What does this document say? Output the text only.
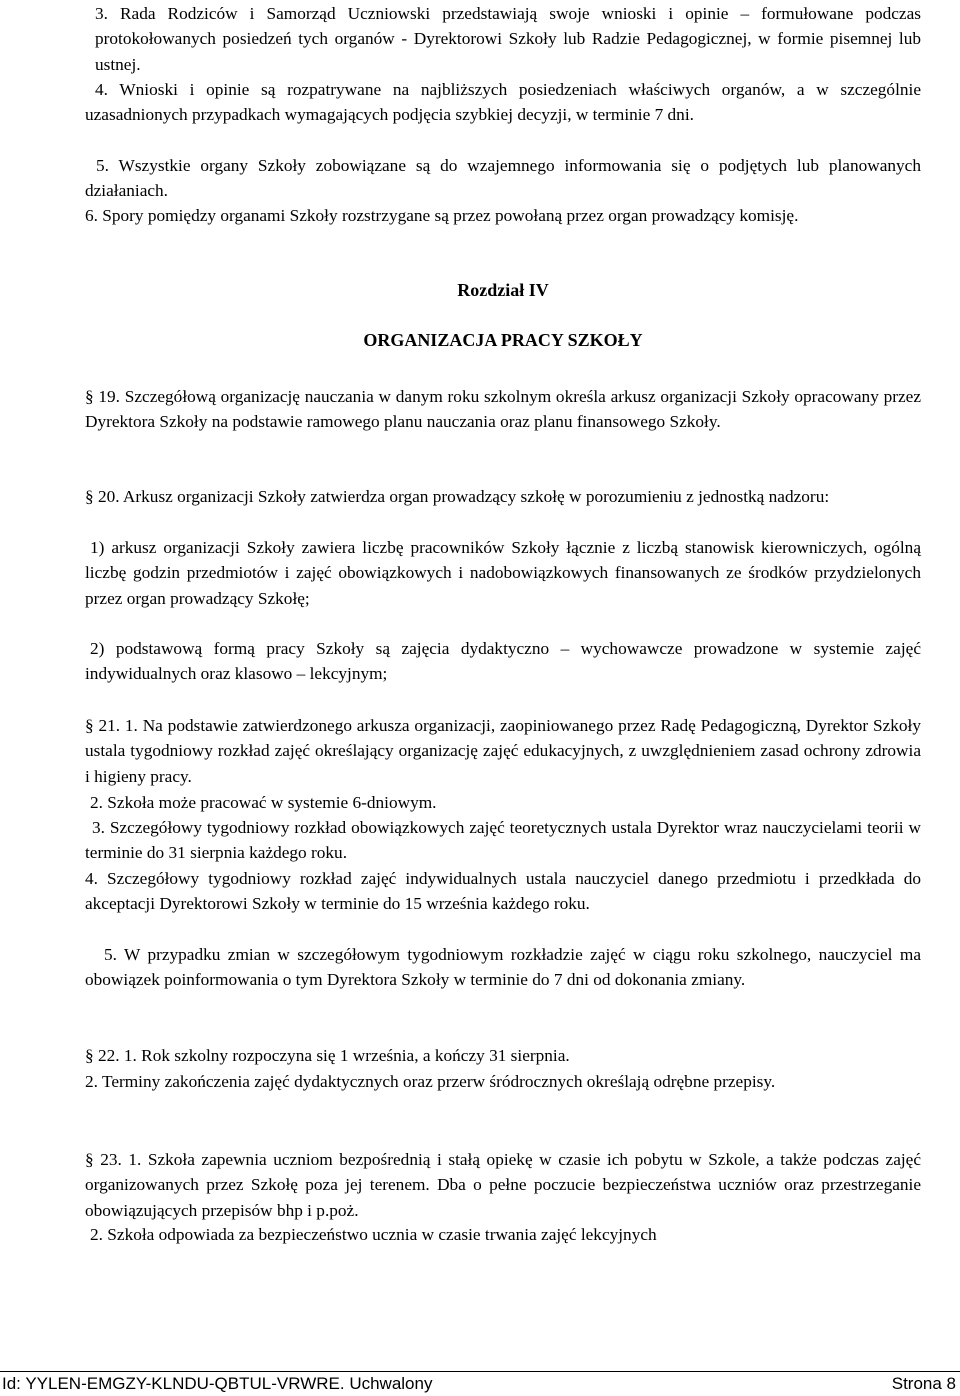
3. Rada Rodziców i Samorząd Uczniowski przedstawiają swoje wnioski i opinie – formułowane podczas protokołowanych posiedzeń tych organów - Dyrektorowi Szkoły lub Radzie Pedagogicznej, w formie pisemnej lub ustnej.

4. Wnioski i opinie są rozpatrywane na najbliższych posiedzeniach właściwych organów, a w szczególnie uzasadnionych przypadkach wymagających podjęcia szybkiej decyzji, w terminie 7 dni.

5. Wszystkie organy Szkoły zobowiązane są do wzajemnego informowania się o podjętych lub planowanych działaniach.

6. Spory pomiędzy organami Szkoły rozstrzygane są przez powołaną przez organ prowadzący komisję.

Rozdział IV

ORGANIZACJA PRACY SZKOŁY

§ 19. Szczegółową organizację nauczania w danym roku szkolnym określa arkusz organizacji Szkoły opracowany przez Dyrektora Szkoły na podstawie ramowego planu nauczania oraz planu finansowego Szkoły.

§ 20. Arkusz organizacji Szkoły zatwierdza organ prowadzący szkołę w porozumieniu z jednostką nadzoru:

1) arkusz organizacji Szkoły zawiera liczbę pracowników Szkoły łącznie z liczbą stanowisk kierowniczych, ogólną liczbę godzin przedmiotów i zajęć obowiązkowych i nadobowiązkowych finansowanych ze środków przydzielonych przez organ prowadzący Szkołę;

2) podstawową formą pracy Szkoły są zajęcia dydaktyczno – wychowawcze prowadzone w systemie zajęć indywidualnych oraz klasowo – lekcyjnym;

§ 21. 1. Na podstawie zatwierdzonego arkusza organizacji, zaopiniowanego przez Radę Pedagogiczną, Dyrektor Szkoły ustala tygodniowy rozkład zajęć określający organizację zajęć edukacyjnych, z uwzględnieniem zasad ochrony zdrowia i higieny pracy.

2. Szkoła może pracować w systemie 6-dniowym.

3. Szczegółowy tygodniowy rozkład obowiązkowych zajęć teoretycznych ustala Dyrektor wraz nauczycielami teorii w terminie do 31 sierpnia każdego roku.

4. Szczegółowy tygodniowy rozkład zajęć indywidualnych ustala nauczyciel danego przedmiotu i przedkłada do akceptacji Dyrektorowi Szkoły w terminie do 15 września każdego roku.

5. W przypadku zmian w szczegółowym tygodniowym rozkładzie zajęć w ciągu roku szkolnego, nauczyciel ma obowiązek poinformowania o tym Dyrektora Szkoły w terminie do 7 dni od dokonania zmiany.

§ 22. 1. Rok szkolny rozpoczyna się 1 września, a kończy 31 sierpnia.

2. Terminy zakończenia zajęć dydaktycznych oraz przerw śródrocznych określają odrębne przepisy.

§ 23. 1. Szkoła zapewnia uczniom bezpośrednią i stałą opiekę w czasie ich pobytu w Szkole, a także podczas zajęć organizowanych przez Szkołę poza jej terenem. Dba o pełne poczucie bezpieczeństwa uczniów oraz przestrzeganie obowiązujących przepisów bhp i p.poż.

2. Szkoła odpowiada za bezpieczeństwo ucznia w czasie trwania zajęć lekcyjnych

Id: YYLEN-EMGZY-KLNDU-QBTUL-VRWRE. Uchwalony	Strona 8
